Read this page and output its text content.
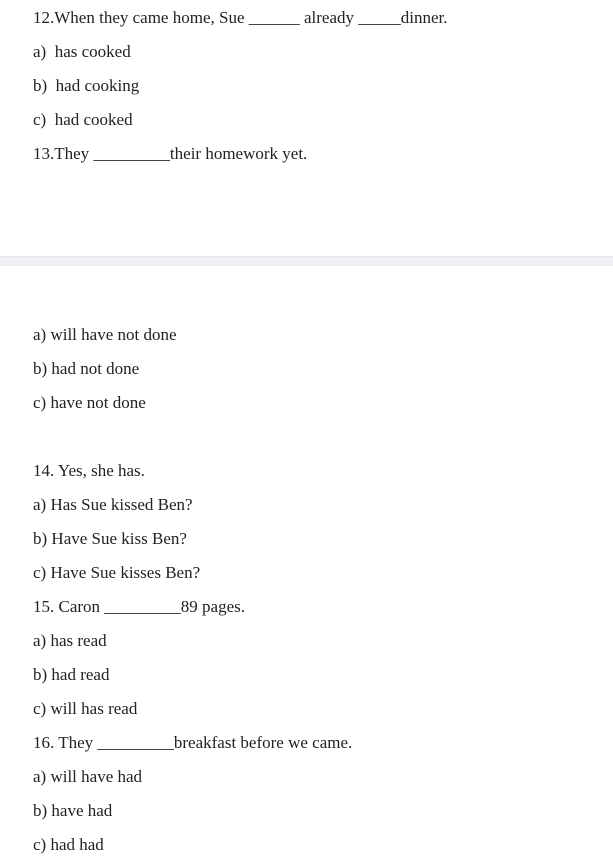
12.When they came home, Sue ______ already _____dinner.
a)  has cooked
b)  had cooking
c)  had cooked
13.They _________their homework yet.
a) will have not done
b) had not done
c) have not done
14. Yes, she has.
a) Has Sue kissed Ben?
b) Have Sue kiss Ben?
c) Have Sue kisses Ben?
15. Caron _________89 pages.
a) has read
b) had read
c) will has read
16. They _________breakfast before we came.
a) will have had
b) have had
c) had had
